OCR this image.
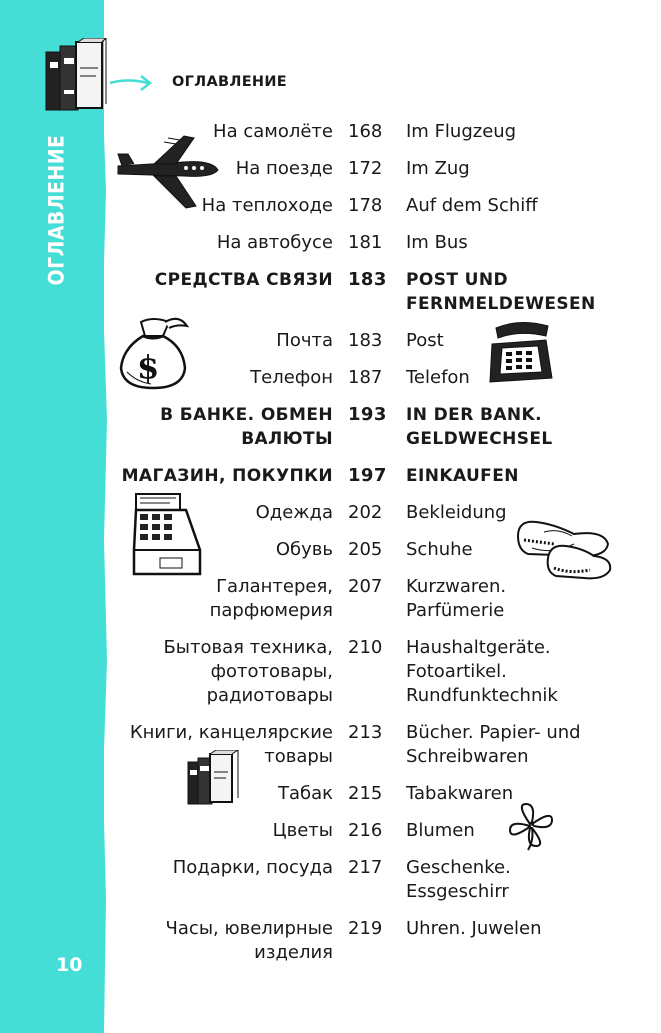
ОГЛАВЛЕНИЕ
10
ОГЛАВЛЕНИЕ
На самолёте 168 Im Flugzeug
На поезде 172 Im Zug
На теплоходе 178 Auf dem Schiff
На автобусе 181 Im Bus
СРЕДСТВА СВЯЗИ 183 POST UND
FERNMELDEWESEN
Почта 183 Post
Телефон 187 Telefon
В БАНКЕ. ОБМЕН
ВАЛЮТЫ
193 IN DER BANK.
GELDWECHSEL
МАГАЗИН, ПОКУПКИ 197 EINKAUFEN
Одежда 202 Bekleidung
Обувь 205 Schuhe
Галантерея,
парфюмерия
207 Kurzwaren.
Parfümerie
Бытовая техника,
фототовары,
радиотовары
210 Haushaltgeräte.
Fotoartikel.
Rundfunktechnik
Книги, канцелярские
товары
213 Bücher. Papier- und
Schreibwaren
Табак 215 Tabakwaren
Цветы 216 Blumen
Подарки, посуда 217 Geschenke.
Essgeschirr
Часы, ювелирные
изделия
219 Uhren. Juwelen
$
